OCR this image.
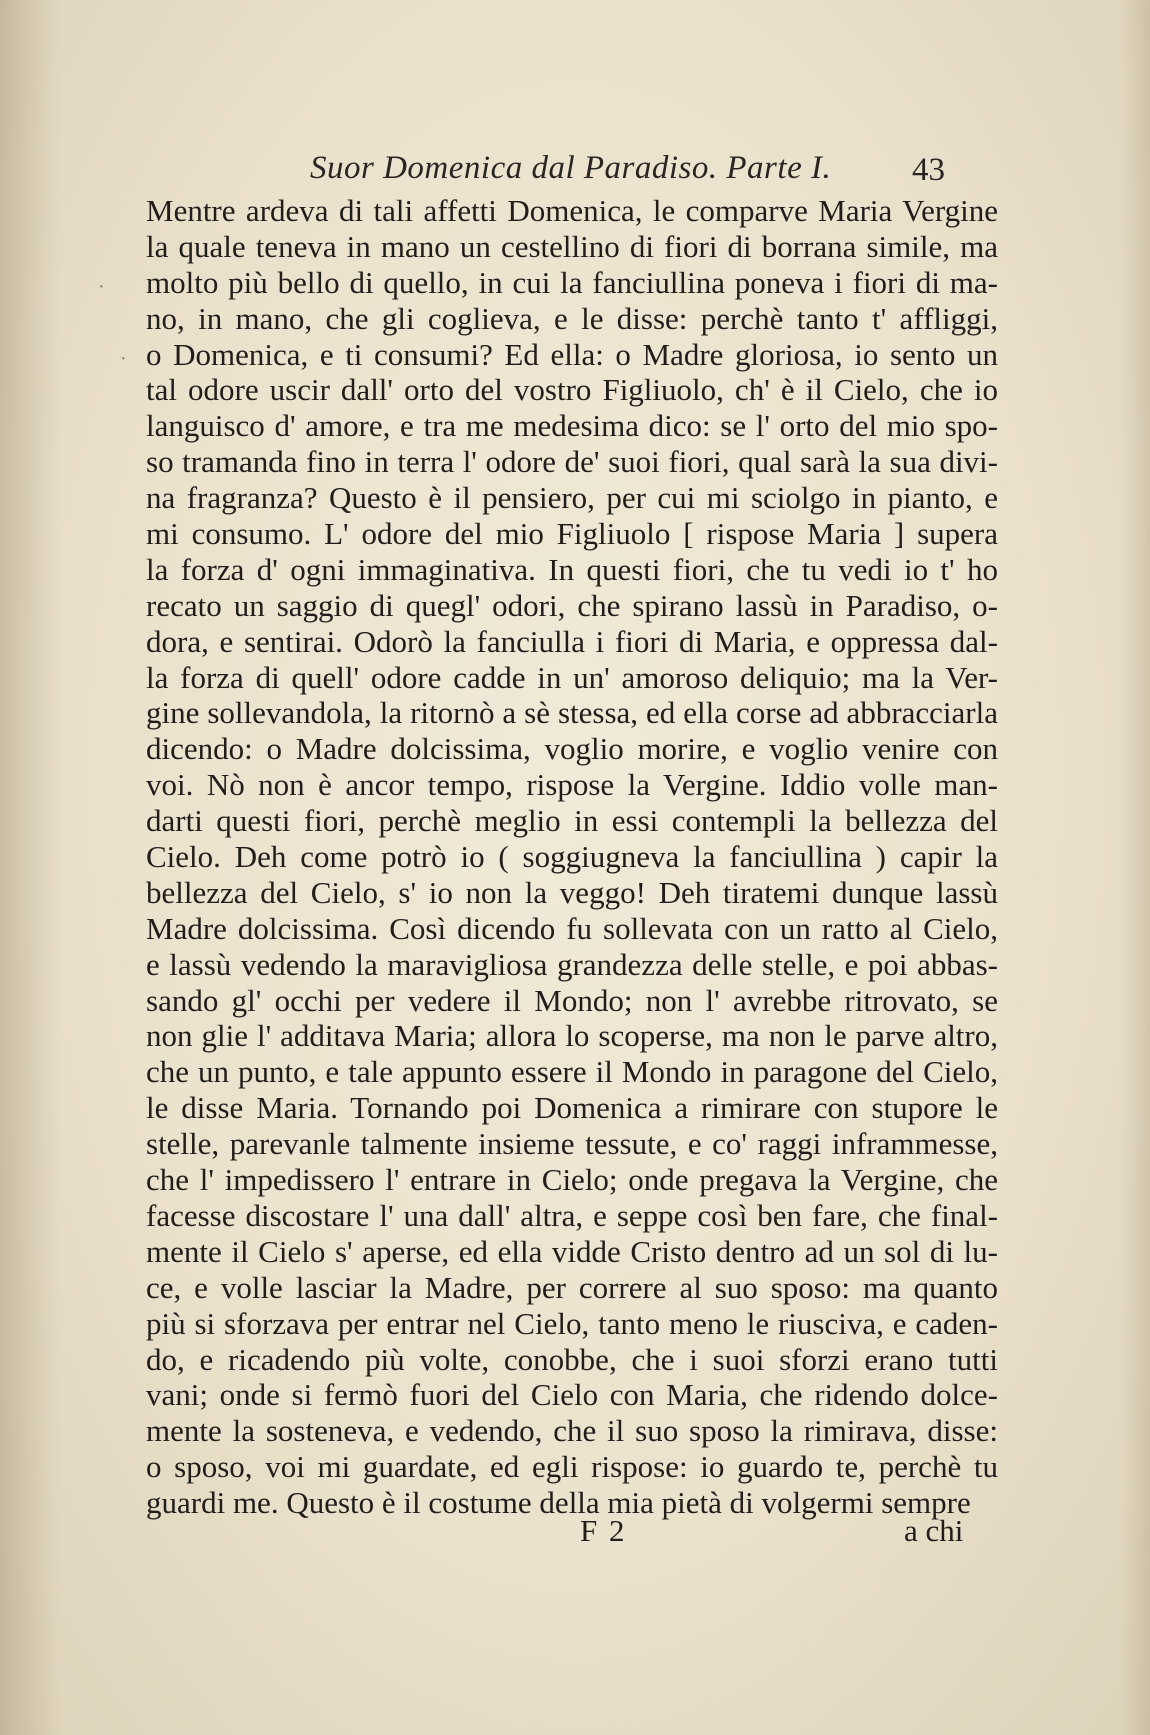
Suor Domenica dal Paradiso. Parte I. 43
·
·
Mentre ardeva di tali affetti Domenica, le comparve Maria Vergine
la quale teneva in mano un cestellino di fiori di borrana simile, ma
molto più bello di quello, in cui la fanciullina poneva i fiori di ma-
no, in mano, che gli coglieva, e le disse: perchè tanto t' affliggi,
o Domenica, e ti consumi? Ed ella: o Madre gloriosa, io sento un
tal odore uscir dall' orto del vostro Figliuolo, ch' è il Cielo, che io
languisco d' amore, e tra me medesima dico: se l' orto del mio spo-
so tramanda fino in terra l' odore de' suoi fiori, qual sarà la sua divi-
na fragranza? Questo è il pensiero, per cui mi sciolgo in pianto, e
mi consumo. L' odore del mio Figliuolo [ rispose Maria ] supera
la forza d' ogni immaginativa. In questi fiori, che tu vedi io t' ho
recato un saggio di quegl' odori, che spirano lassù in Paradiso, o-
dora, e sentirai. Odorò la fanciulla i fiori di Maria, e oppressa dal-
la forza di quell' odore cadde in un' amoroso deliquio; ma la Ver-
gine sollevandola, la ritornò a sè stessa, ed ella corse ad abbracciarla
dicendo: o Madre dolcissima, voglio morire, e voglio venire con
voi. Nò non è ancor tempo, rispose la Vergine. Iddio volle man-
darti questi fiori, perchè meglio in essi contempli la bellezza del
Cielo. Deh come potrò io ( soggiugneva la fanciullina ) capir la
bellezza del Cielo, s' io non la veggo! Deh tiratemi dunque lassù
Madre dolcissima. Così dicendo fu sollevata con un ratto al Cielo,
e lassù vedendo la maravigliosa grandezza delle stelle, e poi abbas-
sando gl' occhi per vedere il Mondo; non l' avrebbe ritrovato, se
non glie l' additava Maria; allora lo scoperse, ma non le parve altro,
che un punto, e tale appunto essere il Mondo in paragone del Cielo,
le disse Maria. Tornando poi Domenica a rimirare con stupore le
stelle, parevanle talmente insieme tessute, e co' raggi inframmesse,
che l' impedissero l' entrare in Cielo; onde pregava la Vergine, che
facesse discostare l' una dall' altra, e seppe così ben fare, che final-
mente il Cielo s' aperse, ed ella vidde Cristo dentro ad un sol di lu-
ce, e volle lasciar la Madre, per correre al suo sposo: ma quanto
più si sforzava per entrar nel Cielo, tanto meno le riusciva, e caden-
do, e ricadendo più volte, conobbe, che i suoi sforzi erano tutti
vani; onde si fermò fuori del Cielo con Maria, che ridendo dolce-
mente la sosteneva, e vedendo, che il suo sposo la rimirava, disse:
o sposo, voi mi guardate, ed egli rispose: io guardo te, perchè tu
guardi me. Questo è il costume della mia pietà di volgermi sempre
F 2	a chi
